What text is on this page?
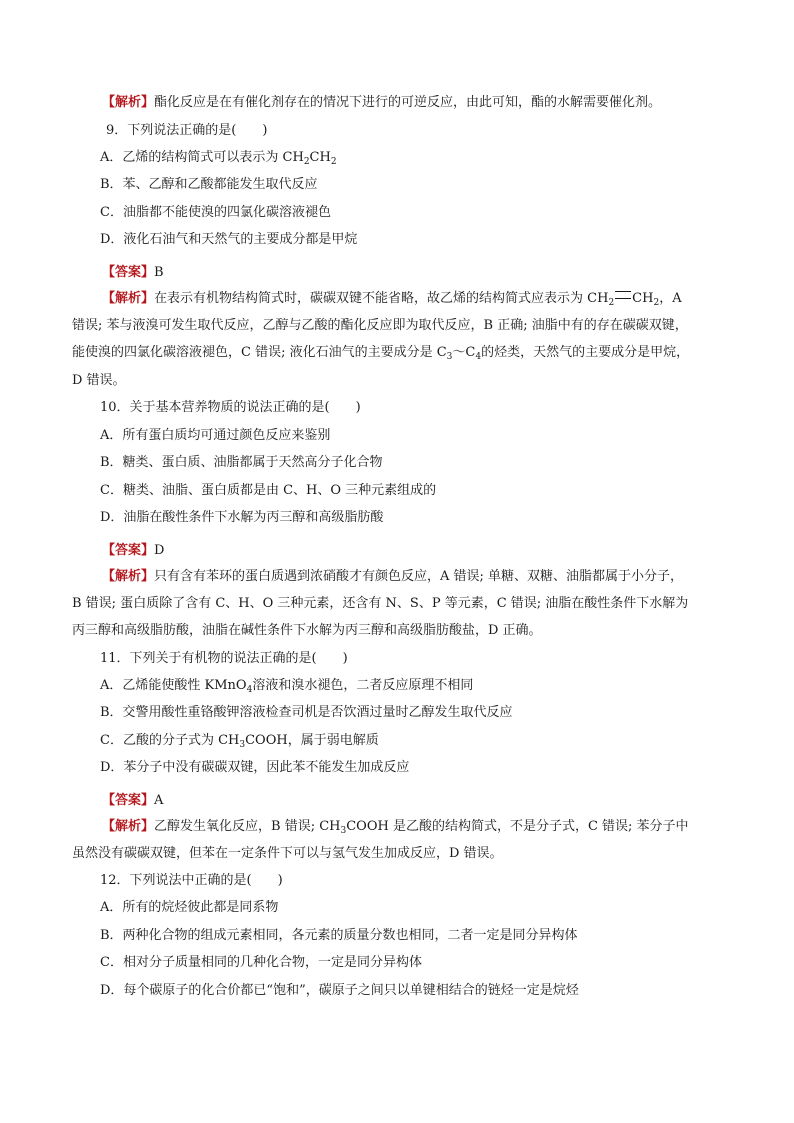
【解析】酯化反应是在有催化剂存在的情况下进行的可逆反应，由此可知，酯的水解需要催化剂。
9．下列说法正确的是(　　)
A．乙烯的结构简式可以表示为 $CH_2CH_2$
B．苯、乙醇和乙酸都能发生取代反应
C．油脂都不能使溴的四氯化碳溶液褪色
D．液化石油气和天然气的主要成分都是甲烷
【答案】B
【解析】在表示有机物结构简式时，碳碳双键不能省略，故乙烯的结构简式应表示为 $CH_2$ $CH_2$，A
错误; 苯与液溴可发生取代反应，乙醇与乙酸的酯化反应即为取代反应，B 正确; 油脂中有的存在碳碳双键，
能使溴的四氯化碳溶液褪色，C 错误; 液化石油气的主要成分是 $C_3\sim C_4$的烃类，天然气的主要成分是甲烷，
D 错误。
10．关于基本营养物质的说法正确的是(　　)
A．所有蛋白质均可通过颜色反应来鉴别
B．糖类、蛋白质、油脂都属于天然高分子化合物
C．糖类、油脂、蛋白质都是由 C、H、O 三种元素组成的
D．油脂在酸性条件下水解为丙三醇和高级脂肪酸
【答案】D
【解析】只有含有苯环的蛋白质遇到浓硝酸才有颜色反应，A 错误; 单糖、双糖、油脂都属于小分子，
B 错误; 蛋白质除了含有 C、H、O 三种元素，还含有 N、S、P 等元素，C 错误; 油脂在酸性条件下水解为
丙三醇和高级脂肪酸，油脂在碱性条件下水解为丙三醇和高级脂肪酸盐，D 正确。
11．下列关于有机物的说法正确的是(　　)
A．乙烯能使酸性 KMnO$_4$溶液和溴水褪色，二者反应原理不相同
B．交警用酸性重铬酸钾溶液检查司机是否饮酒过量时乙醇发生取代反应
C．乙酸的分子式为 $CH_3COOH$，属于弱电解质
D．苯分子中没有碳碳双键，因此苯不能发生加成反应
【答案】A
【解析】乙醇发生氧化反应，B 错误; $CH_3COOH$ 是乙酸的结构简式，不是分子式，C 错误; 苯分子中
虽然没有碳碳双键，但苯在一定条件下可以与氢气发生加成反应，D 错误。
12．下列说法中正确的是(　　)
A．所有的烷烃彼此都是同系物
B．两种化合物的组成元素相同，各元素的质量分数也相同，二者一定是同分异构体
C．相对分子质量相同的几种化合物，一定是同分异构体
D．每个碳原子的化合价都已“饱和”，碳原子之间只以单键相结合的链烃一定是烷烃
